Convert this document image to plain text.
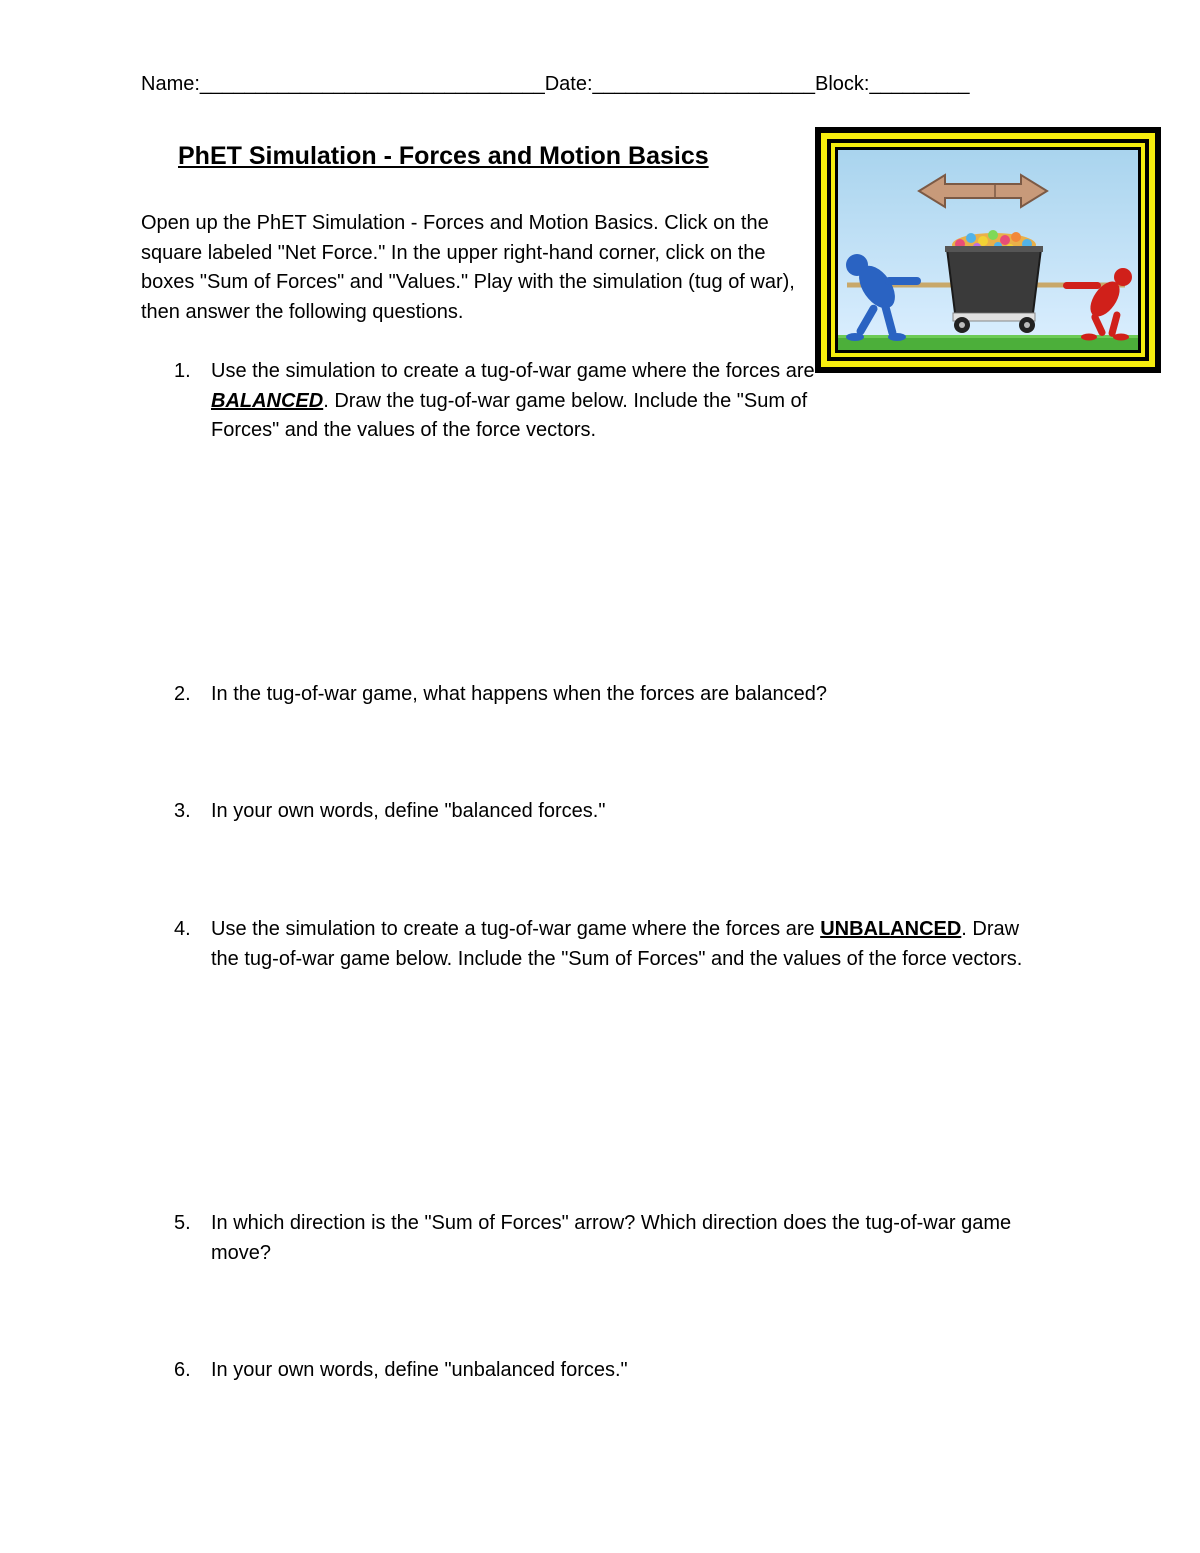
Name:_______________________________Date:____________________Block:_________
PhET Simulation - Forces and Motion Basics
Open up the PhET Simulation - Forces and Motion Basics. Click on the square labeled "Net Force." In the upper right-hand corner, click on the boxes "Sum of Forces" and "Values." Play with the simulation (tug of war), then answer the following questions.
1. Use the simulation to create a tug-of-war game where the forces are BALANCED. Draw the tug-of-war game below. Include the "Sum of Forces" and the values of the force vectors.
2. In the tug-of-war game, what happens when the forces are balanced?
3. In your own words, define "balanced forces."
4. Use the simulation to create a tug-of-war game where the forces are UNBALANCED. Draw the tug-of-war game below. Include the "Sum of Forces" and the values of the force vectors.
5. In which direction is the "Sum of Forces" arrow? Which direction does the tug-of-war game move?
6. In your own words, define "unbalanced forces."
